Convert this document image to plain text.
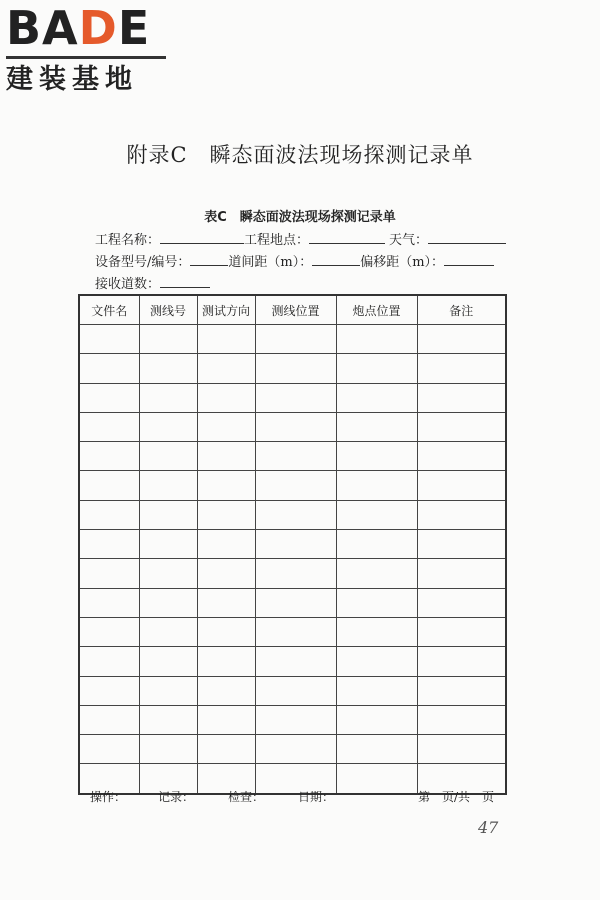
BADE
建装基地
附录C　瞬态面波法现场探测记录单
表C　瞬态面波法现场探测记录单
工程名称：	工程地点：	天气：
设备型号/编号：	道间距（m）：	偏移距（m）：
接收道数：
文件名	测线号	测试方向	测线位置	炮点位置	备注

操作：	记录：	检查：	日期：	第　页/共　页
47
